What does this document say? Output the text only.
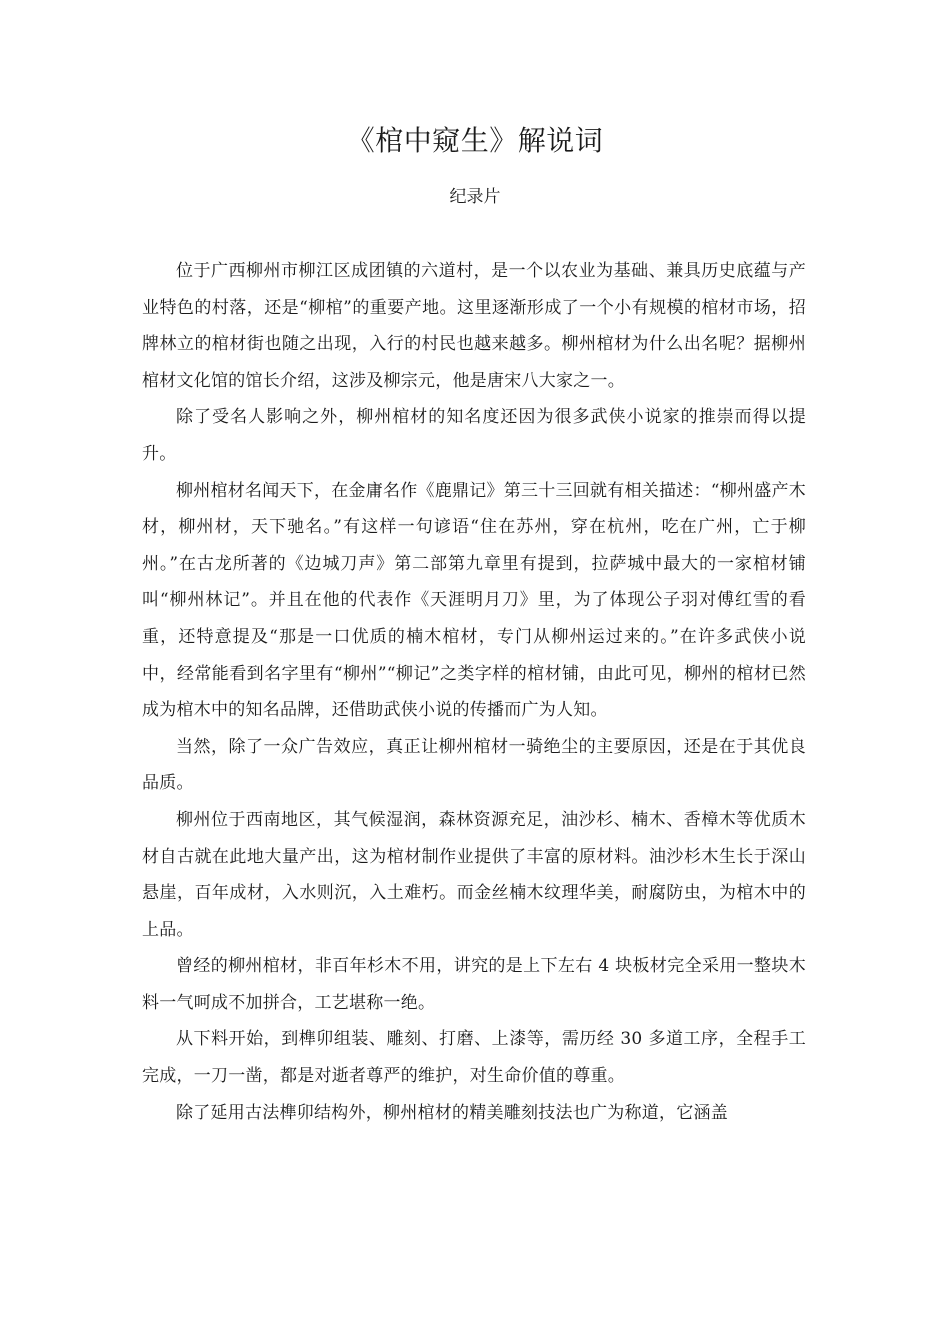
《棺中窥生》解说词
纪录片

位于广西柳州市柳江区成团镇的六道村，是一个以农业为基础、兼具历史底蕴与产业特色的村落，还是“柳棺”的重要产地。这里逐渐形成了一个小有规模的棺材市场，招牌林立的棺材街也随之出现，入行的村民也越来越多。柳州棺材为什么出名呢？据柳州棺材文化馆的馆长介绍，这涉及柳宗元，他是唐宋八大家之一。

除了受名人影响之外，柳州棺材的知名度还因为很多武侠小说家的推崇而得以提升。

柳州棺材名闻天下，在金庸名作《鹿鼎记》第三十三回就有相关描述：“柳州盛产木材，柳州材，天下驰名。”有这样一句谚语“住在苏州，穿在杭州，吃在广州，亡于柳州。”在古龙所著的《边城刀声》第二部第九章里有提到，拉萨城中最大的一家棺材铺叫“柳州林记”。并且在他的代表作《天涯明月刀》里，为了体现公子羽对傅红雪的看重，还特意提及“那是一口优质的楠木棺材，专门从柳州运过来的。”在许多武侠小说中，经常能看到名字里有“柳州”“柳记”之类字样的棺材铺，由此可见，柳州的棺材已然成为棺木中的知名品牌，还借助武侠小说的传播而广为人知。

当然，除了一众广告效应，真正让柳州棺材一骑绝尘的主要原因，还是在于其优良品质。

柳州位于西南地区，其气候湿润，森林资源充足，油沙杉、楠木、香樟木等优质木材自古就在此地大量产出，这为棺材制作业提供了丰富的原材料。油沙杉木生长于深山悬崖，百年成材，入水则沉，入土难朽。而金丝楠木纹理华美，耐腐防虫，为棺木中的上品。

曾经的柳州棺材，非百年杉木不用，讲究的是上下左右 4 块板材完全采用一整块木料一气呵成不加拼合，工艺堪称一绝。

从下料开始，到榫卯组装、雕刻、打磨、上漆等，需历经 30 多道工序，全程手工完成，一刀一凿，都是对逝者尊严的维护，对生命价值的尊重。

除了延用古法榫卯结构外，柳州棺材的精美雕刻技法也广为称道，它涵盖
